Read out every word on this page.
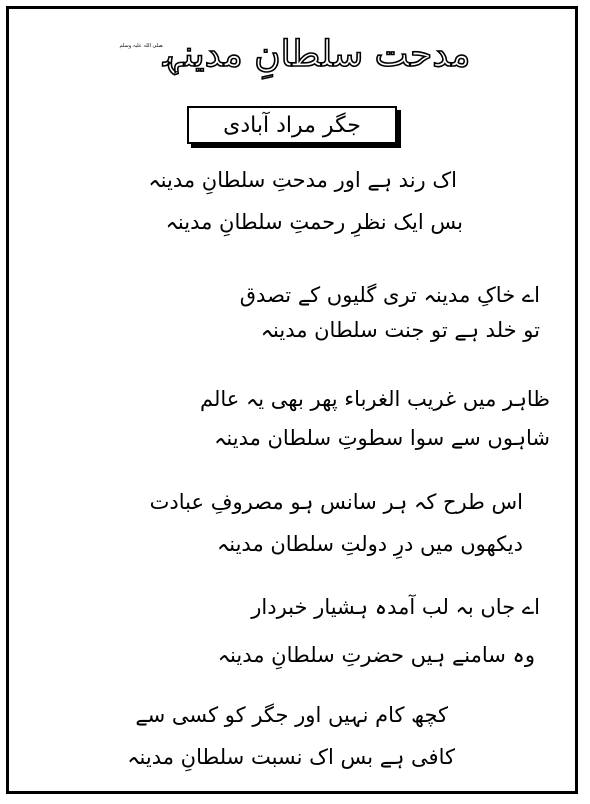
مدحت سلطانِ مدینہ$^{صلی اللہ علیہ وسلم}$
جگر مراد آبادی
اک رند ہے اور مدحتِ سلطانِ مدینہ
بس ایک نظرِ رحمتِ سلطانِ مدینہ
اے خاکِ مدینہ تری گلیوں کے تصدق
تو خلد ہے تو جنت سلطان مدینہ
ظاہر میں غریب الغرباء پھر بھی یہ عالم
شاہوں سے سوا سطوتِ سلطان مدینہ
اس طرح کہ ہر سانس ہو مصروفِ عبادت
دیکھوں میں درِ دولتِ سلطان مدینہ
اے جاں بہ لب آمدہ ہشیار خبردار
وہ سامنے ہیں حضرتِ سلطانِ مدینہ
کچھ کام نہیں اور جگر کو کسی سے
کافی ہے بس اک نسبت سلطانِ مدینہ
